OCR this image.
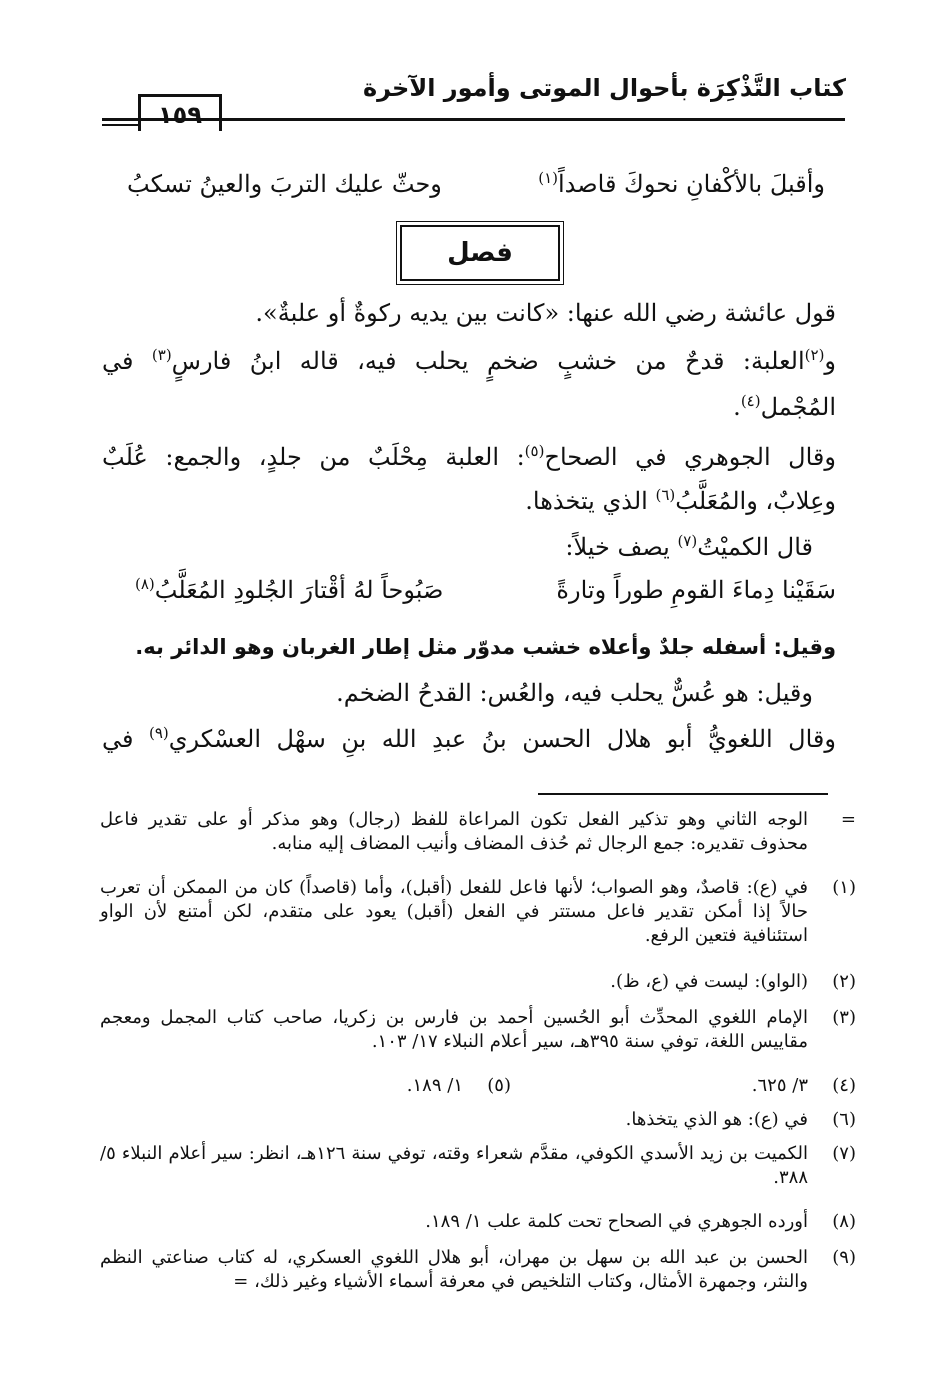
كتاب التَّذْكِرَة بأحوال الموتى وأمور الآخرة
١٥٩
وأقبلَ بالأكْفانِ نحوكَ قاصداً$^{(١)}$
وحثّ عليك التربَ والعينُ تسكبُ
فصل
قول عائشة رضي الله عنها: «كانت بين يديه ركوةٌ أو علبةٌ».
و$^{(٢)}$العلبة: قدحٌ من خشبٍ ضخمٍ يحلب فيه، قاله ابنُ فارسٍ$^{(٣)}$ في
المُجْمل$^{(٤)}$.
وقال الجوهري في الصحاح$^{(٥)}$: العلبة مِحْلَبٌ من جلدٍ، والجمع: عُلَبٌ
وعِلابٌ، والمُعَلَّبُ$^{(٦)}$ الذي يتخذها.
قال الكميْتُ$^{(٧)}$ يصف خيلاً:
سَقَيْنا دِماءَ القومِ طوراً وتارةً
صَبُوحاً لهُ أقْتارَ الجُلودِ المُعَلَّبُ$^{(٨)}$
وقيل: أسفله جلدٌ وأعلاه خشب مدوّر مثل إطار الغربان وهو الدائر به.
وقيل: هو عُسٌّ يحلب فيه، والعُس: القدحُ الضخم.
وقال اللغويُّ أبو هلال الحسن بنُ عبدِ الله بنِ سهْل العسْكري$^{(٩)}$ في
=
الوجه الثاني وهو تذكير الفعل تكون المراعاة للفظ (رجال) وهو مذكر أو على تقدير فاعل محذوف تقديره: جمع الرجال ثم حُذف المضاف وأنيب المضاف إليه منابه.
(١)
في (ع): قاصدٌ، وهو الصواب؛ لأنها فاعل للفعل (أقبل)، وأما (قاصداً) كان من الممكن أن تعرب حالاً إذا أمكن تقدير فاعل مستتر في الفعل (أقبل) يعود على متقدم، لكن أمتنع لأن الواو استئنافية فتعين الرفع.
(٢)
(الواو): ليست في (ع، ظ).
(٣)
الإمام اللغوي المحدِّث أبو الحُسين أحمد بن فارس بن زكريا، صاحب كتاب المجمل ومعجم مقاييس اللغة، توفي سنة ٣٩٥هـ، سير أعلام النبلاء ١٧/ ١٠٣.
(٤)
٣/ ٦٢٥.
(٥)
١/ ١٨٩.
(٦)
في (ع): هو الذي يتخذها.
(٧)
الكميت بن زيد الأسدي الكوفي، مقدَّم شعراء وقته، توفي سنة ١٢٦هـ، انظر: سير أعلام النبلاء ٥/ ٣٨٨.
(٨)
أورده الجوهري في الصحاح تحت كلمة علب ١/ ١٨٩.
(٩)
الحسن بن عبد الله بن سهل بن مهران، أبو هلال اللغوي العسكري، له كتاب صناعتي النظم والنثر، وجمهرة الأمثال، وكتاب التلخيص في معرفة أسماء الأشياء وغير ذلك، =
